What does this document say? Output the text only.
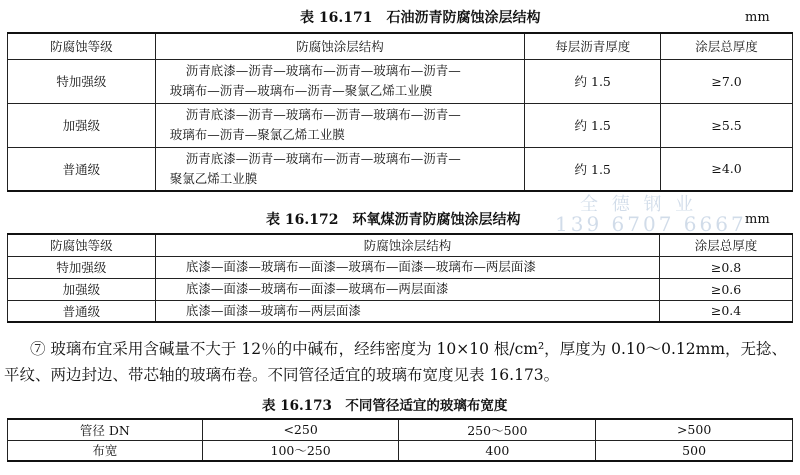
表 16.171　石油沥青防腐蚀涂层结构	mm
防腐蚀等级	防腐蚀涂层结构	每层沥青厚度	涂层总厚度
特加强级	沥青底漆—沥青—玻璃布—沥青—玻璃布—沥青—
玻璃布—沥青—玻璃布—沥青—聚氯乙烯工业膜	约 1.5	≥7.0
加强级	沥青底漆—沥青—玻璃布—沥青—玻璃布—沥青—
玻璃布—沥青—聚氯乙烯工业膜	约 1.5	≥5.5
普通级	沥青底漆—沥青—玻璃布—沥青—玻璃布—沥青—
聚氯乙烯工业膜	约 1.5	≥4.0
全 德 钢 业
139 6707 6667
表 16.172　环氧煤沥青防腐蚀涂层结构	mm
防腐蚀等级	防腐蚀涂层结构	涂层总厚度
特加强级	底漆—面漆—玻璃布—面漆—玻璃布—面漆—玻璃布—两层面漆	≥0.8
加强级	底漆—面漆—玻璃布—面漆—玻璃布—两层面漆	≥0.6
普通级	底漆—面漆—玻璃布—两层面漆	≥0.4
⑦ 玻璃布宜采用含碱量不大于 12％的中碱布，经纬密度为 10×10 根/cm²，厚度为 0.10～0.12mm，无捻、平纹、两边封边、带芯轴的玻璃布卷。不同管径适宜的玻璃布宽度见表 16.173。
表 16.173　不同管径适宜的玻璃布宽度
管径 DN	<250	250～500	>500
布宽	100～250	400	500
